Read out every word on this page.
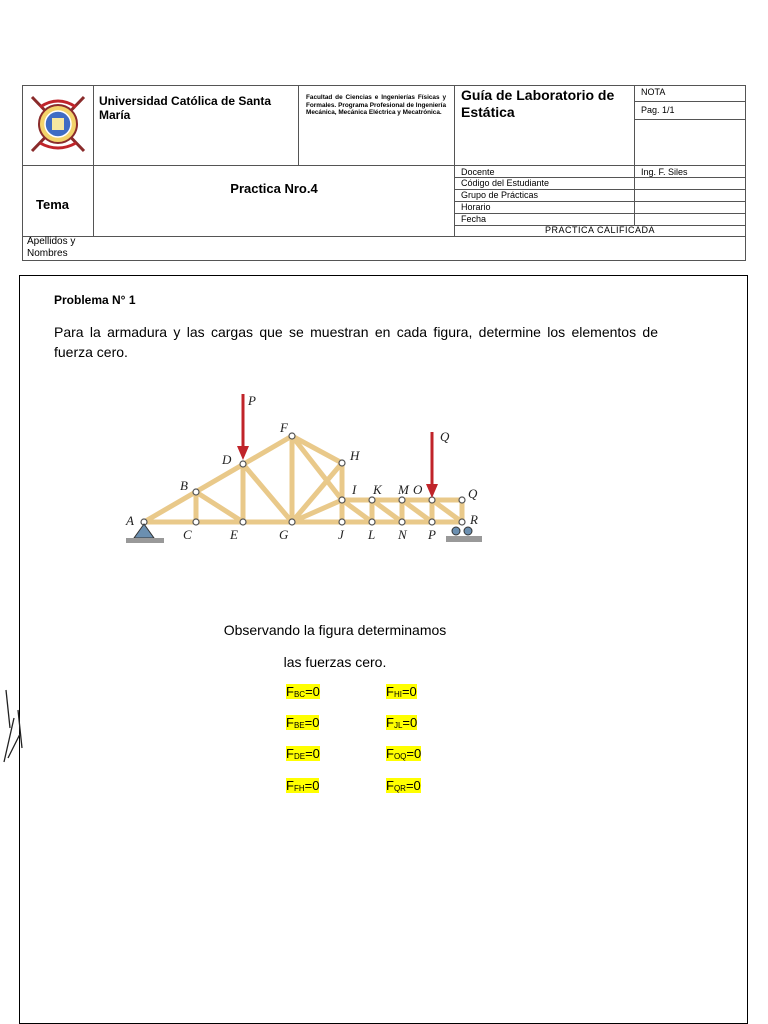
Universidad Católica de Santa María
Facultad de Ciencias e Ingenierías Físicas y Formales. Programa Profesional de Ingeniería Mecánica, Mecánica Eléctrica y Mecatrónica.
Guía de Laboratorio de Estática
NOTA
Pag. 1/1
Tema
Practica Nro.4
Docente	Ing. F. Siles
Código del Estudiante
Grupo de Prácticas
Horario
Fecha
PRACTICA CALIFICADA
Apellidos y Nombres
Problema N° 1
Para la armadura y las cargas que se muestran en cada figura, determine los elementos de fuerza cero.
P
Q
B
D
F
H
I K M O	Q
A
C	E	G	J L N P
R
Observando la figura determinamos
las fuerzas cero.
FBC=0	FHI=0
FBE=0	FJL=0
FDE=0	FOQ=0
FFH=0	FQR=0
